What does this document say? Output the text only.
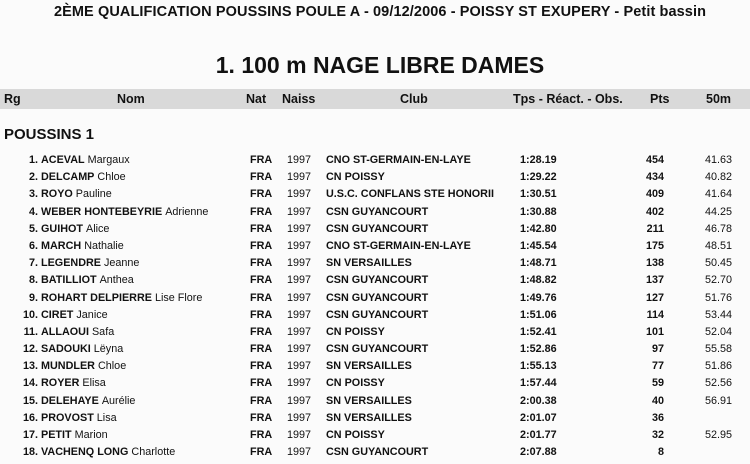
2ÈME QUALIFICATION POUSSINS POULE A - 09/12/2006 - POISSY ST EXUPERY - Petit bassin
1. 100 m NAGE LIBRE DAMES
Rg	Nom	Nat Naiss	Club	Tps - Réact. - Obs. Pts	50m
POUSSINS 1
1. ACEVAL Margaux	FRA 1997 CNO ST-GERMAIN-EN-LAYE	1:28.19	454	41.63
2. DELCAMP Chloe	FRA 1997 CN POISSY	1:29.22	434	40.82
3. ROYO Pauline	FRA 1997 U.S.C. CONFLANS STE HONORII	1:30.51	409	41.64
4. WEBER HONTEBEYRIE Adrienne	FRA 1997 CSN GUYANCOURT	1:30.88	402	44.25
5. GUIHOT Alice	FRA 1997 CSN GUYANCOURT	1:42.80	211	46.78
6. MARCH Nathalie	FRA 1997 CNO ST-GERMAIN-EN-LAYE	1:45.54	175	48.51
7. LEGENDRE Jeanne	FRA 1997 SN VERSAILLES	1:48.71	138	50.45
8. BATILLIOT Anthea	FRA 1997 CSN GUYANCOURT	1:48.82	137	52.70
9. ROHART DELPIERRE Lise Flore	FRA 1997 CSN GUYANCOURT	1:49.76	127	51.76
10. CIRET Janice	FRA 1997 CSN GUYANCOURT	1:51.06	114	53.44
11. ALLAOUI Safa	FRA 1997 CN POISSY	1:52.41	101	52.04
12. SADOUKI Lëyna	FRA 1997 CSN GUYANCOURT	1:52.86	97	55.58
13. MUNDLER Chloe	FRA 1997 SN VERSAILLES	1:55.13	77	51.86
14. ROYER Elisa	FRA 1997 CN POISSY	1:57.44	59	52.56
15. DELEHAYE Aurélie	FRA 1997 SN VERSAILLES	2:00.38	40	56.91
16. PROVOST Lisa	FRA 1997 SN VERSAILLES	2:01.07	36
17. PETIT Marion	FRA 1997 CN POISSY	2:01.77	32	52.95
18. VACHENQ LONG Charlotte	FRA 1997 CSN GUYANCOURT	2:07.88	8
